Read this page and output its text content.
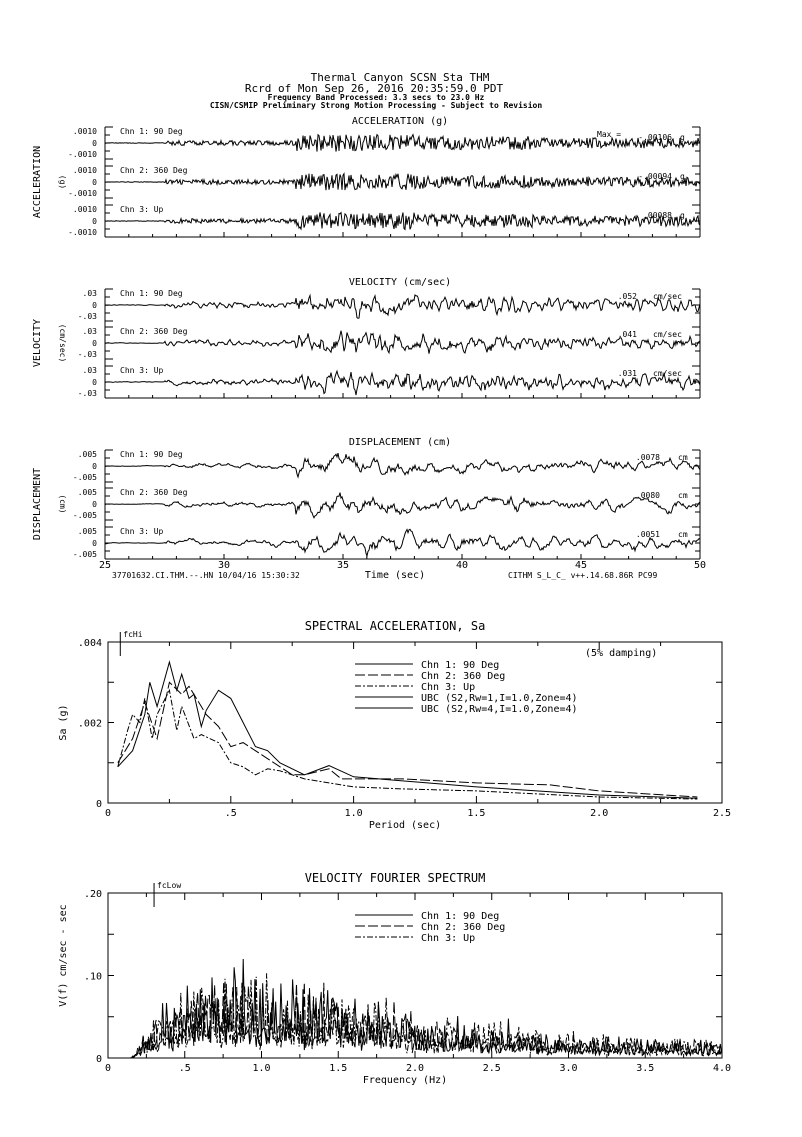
Thermal Canyon SCSN Sta THM
Rcrd of Mon Sep 26, 2016 20:35:59.0 PDT
Frequency Band Processed: 3.3 secs to 23.0 Hz
CISN/CSMIP Preliminary Strong Motion Processing - Subject to Revision
37701632.CI.THM.--.HN 10/04/16 15:30:32	CITHM S_L_C_ v++.14.68.86R PC99
ACCELERATION (g)
ACCELERATION (g)
.0010
0
-.0010
Chn 1: 90 Deg	Max = -.00106 g
.0010
0
-.0010
Chn 2: 360 Deg
-.00094 g
.0010
0
-.0010
Chn 3: Up
.00088 g
VELOCITY (cm/sec)
VELOCITY (cm/sec)
.03
0
-.03
Chn 1: 90 Deg	.052 cm/sec
.03
0
-.03
Chn 2: 360 Deg	.041 cm/sec
.03
0
-.03
Chn 3: Up	.031 cm/sec
DISPLACEMENT (cm)
DISPLACEMENT (cm)
25	30	35	40	45	50
Time (sec)
.005
0
-.005
Chn 1: 90 Deg	.0078 cm
.005
0
-.005
Chn 2: 360 Deg	.0080 cm
.005
0
-.005
Chn 3: Up	.0051 cm
SPECTRAL ACCELERATION, Sa
0	.5	1.0	1.5	2.0	2.5
0
.002
.004
Period (sec)
Sa (g)
fcHi
Chn 1: 90 Deg
Chn 2: 360 Deg
Chn 3: Up
UBC (S2,Rw=1,I=1.0,Zone=4)
UBC (S2,Rw=4,I=1.0,Zone=4)
(5% damping)
VELOCITY FOURIER SPECTRUM
0	.5	1.0	1.5	2.0	2.5	3.0	3.5	4.0
0
.10
.20
Frequency (Hz)
V(f) cm/sec - sec
fcLow
Chn 1: 90 Deg
Chn 2: 360 Deg
Chn 3: Up
